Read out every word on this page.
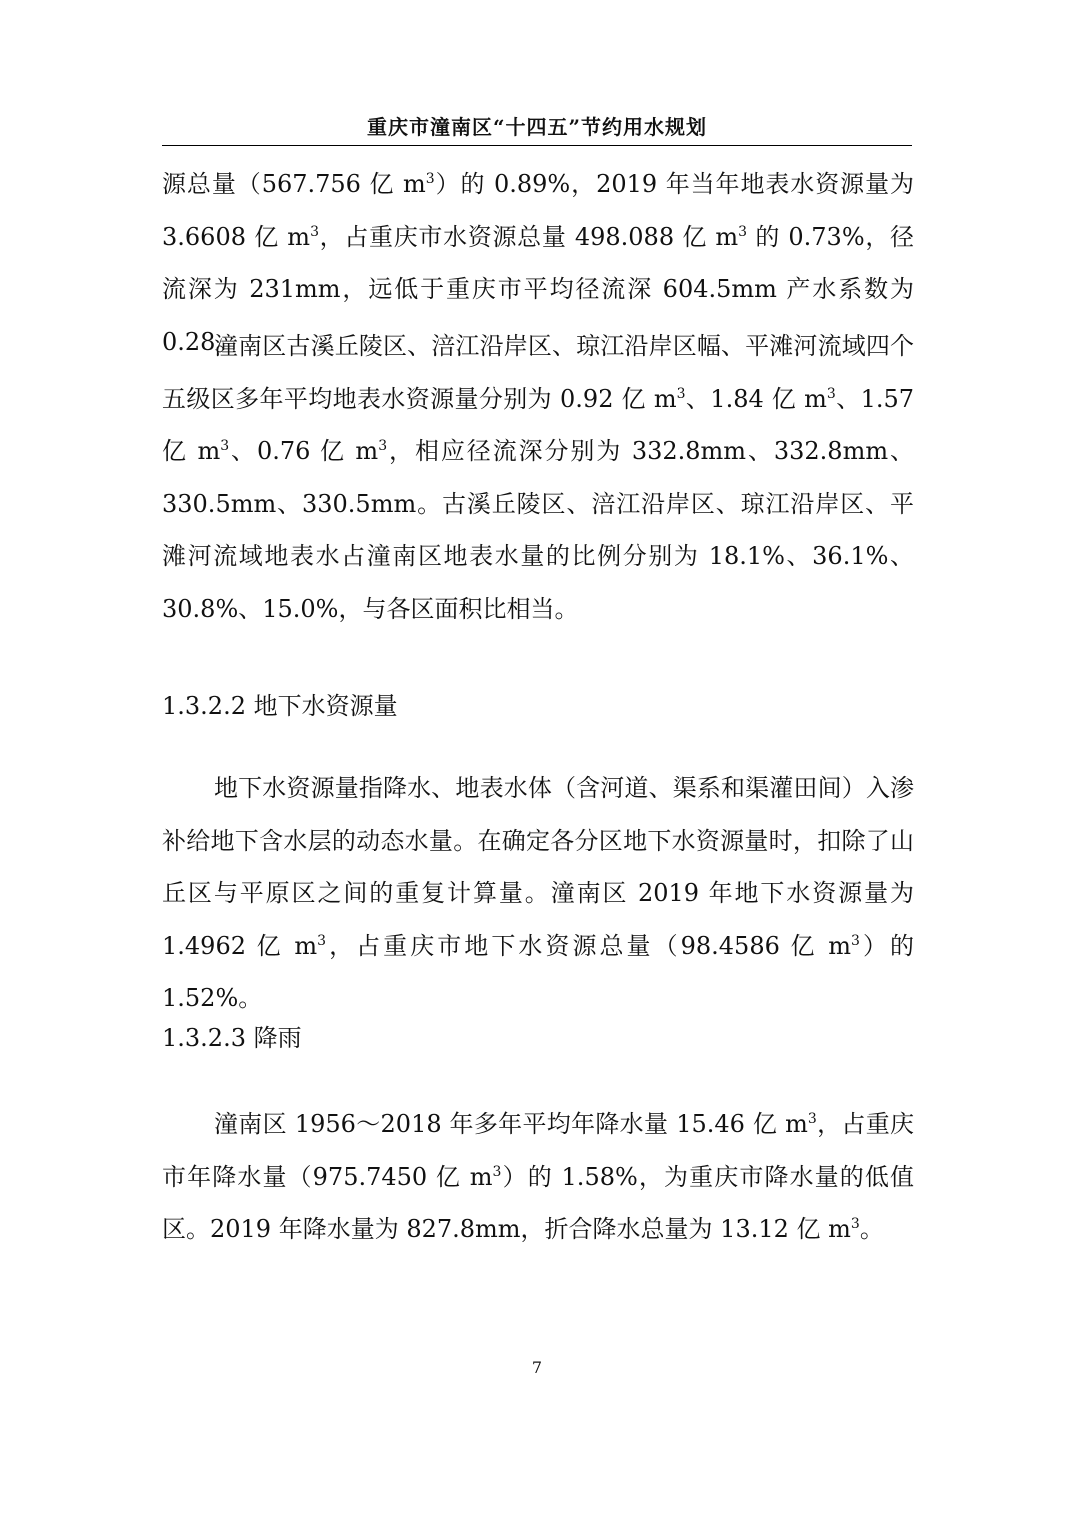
重庆市潼南区“十四五”节约用水规划

源总量（567.756 亿 $m^3$）的 0.89%，2019 年当年地表水资源量为 3.6608 亿 $m^3$，占重庆市水资源总量 498.088 亿 $m^3$ 的 0.73%，径流深为 231mm，远低于重庆市平均径流深 604.5mm 产水系数为 0.28。

潼南区古溪丘陵区、涪江沿岸区、琼江沿岸区幅、平滩河流域四个五级区多年平均地表水资源量分别为 0.92 亿 $m^3$、1.84 亿 $m^3$、1.57 亿 $m^3$、0.76 亿 $m^3$，相应径流深分别为 332.8mm、332.8mm、330.5mm、330.5mm。古溪丘陵区、涪江沿岸区、琼江沿岸区、平滩河流域地表水占潼南区地表水量的比例分别为 18.1%、36.1%、30.8%、15.0%，与各区面积比相当。

1.3.2.2 地下水资源量

地下水资源量指降水、地表水体（含河道、渠系和渠灌田间）入渗补给地下含水层的动态水量。在确定各分区地下水资源量时，扣除了山丘区与平原区之间的重复计算量。潼南区 2019 年地下水资源量为 1.4962 亿 $m^3$，占重庆市地下水资源总量（98.4586 亿 $m^3$）的 1.52%。

1.3.2.3 降雨

潼南区 1956～2018 年多年平均年降水量 15.46 亿 $m^3$，占重庆市年降水量（975.7450 亿 $m^3$）的 1.58%，为重庆市降水量的低值区。2019 年降水量为 827.8mm，折合降水总量为 13.12 亿 $m^3$。

7
